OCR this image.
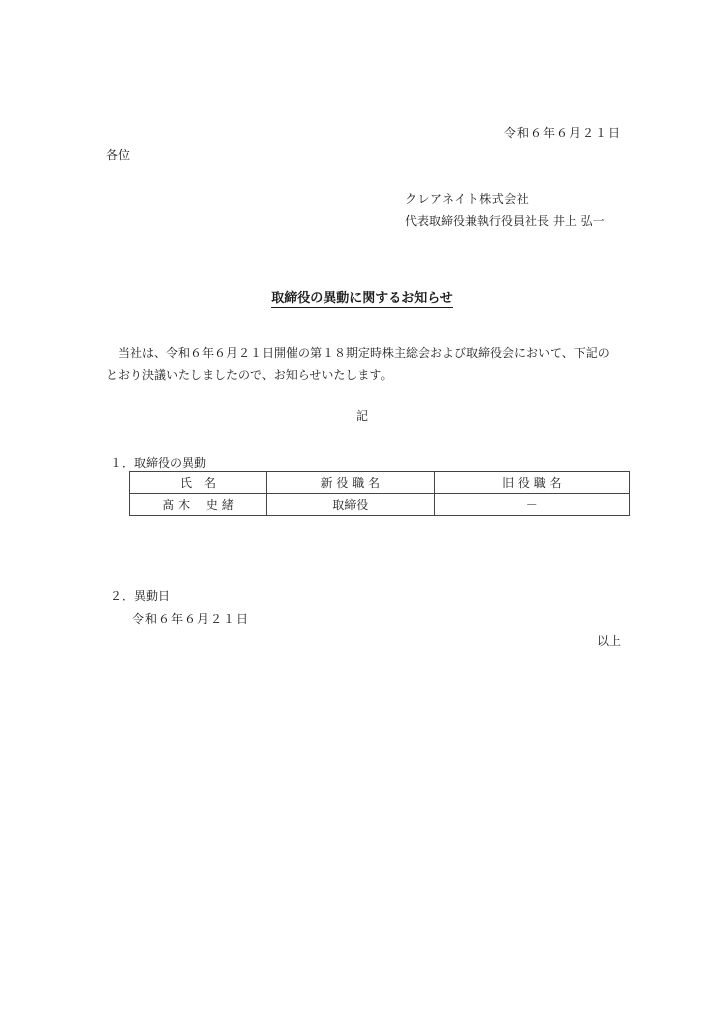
令和６年６月２１日
各位
クレアネイト株式会社
代表取締役兼執行役員社長 井上 弘一
取締役の異動に関するお知らせ
当社は、令和６年６月２１日開催の第１８期定時株主総会および取締役会において、下記のとおり決議いたしましたので、お知らせいたします。
記
１．取締役の異動
氏　名	新 役 職 名	旧 役 職 名
髙 木　 史 緒	取締役	－
２．異動日
令和６年６月２１日
以上
